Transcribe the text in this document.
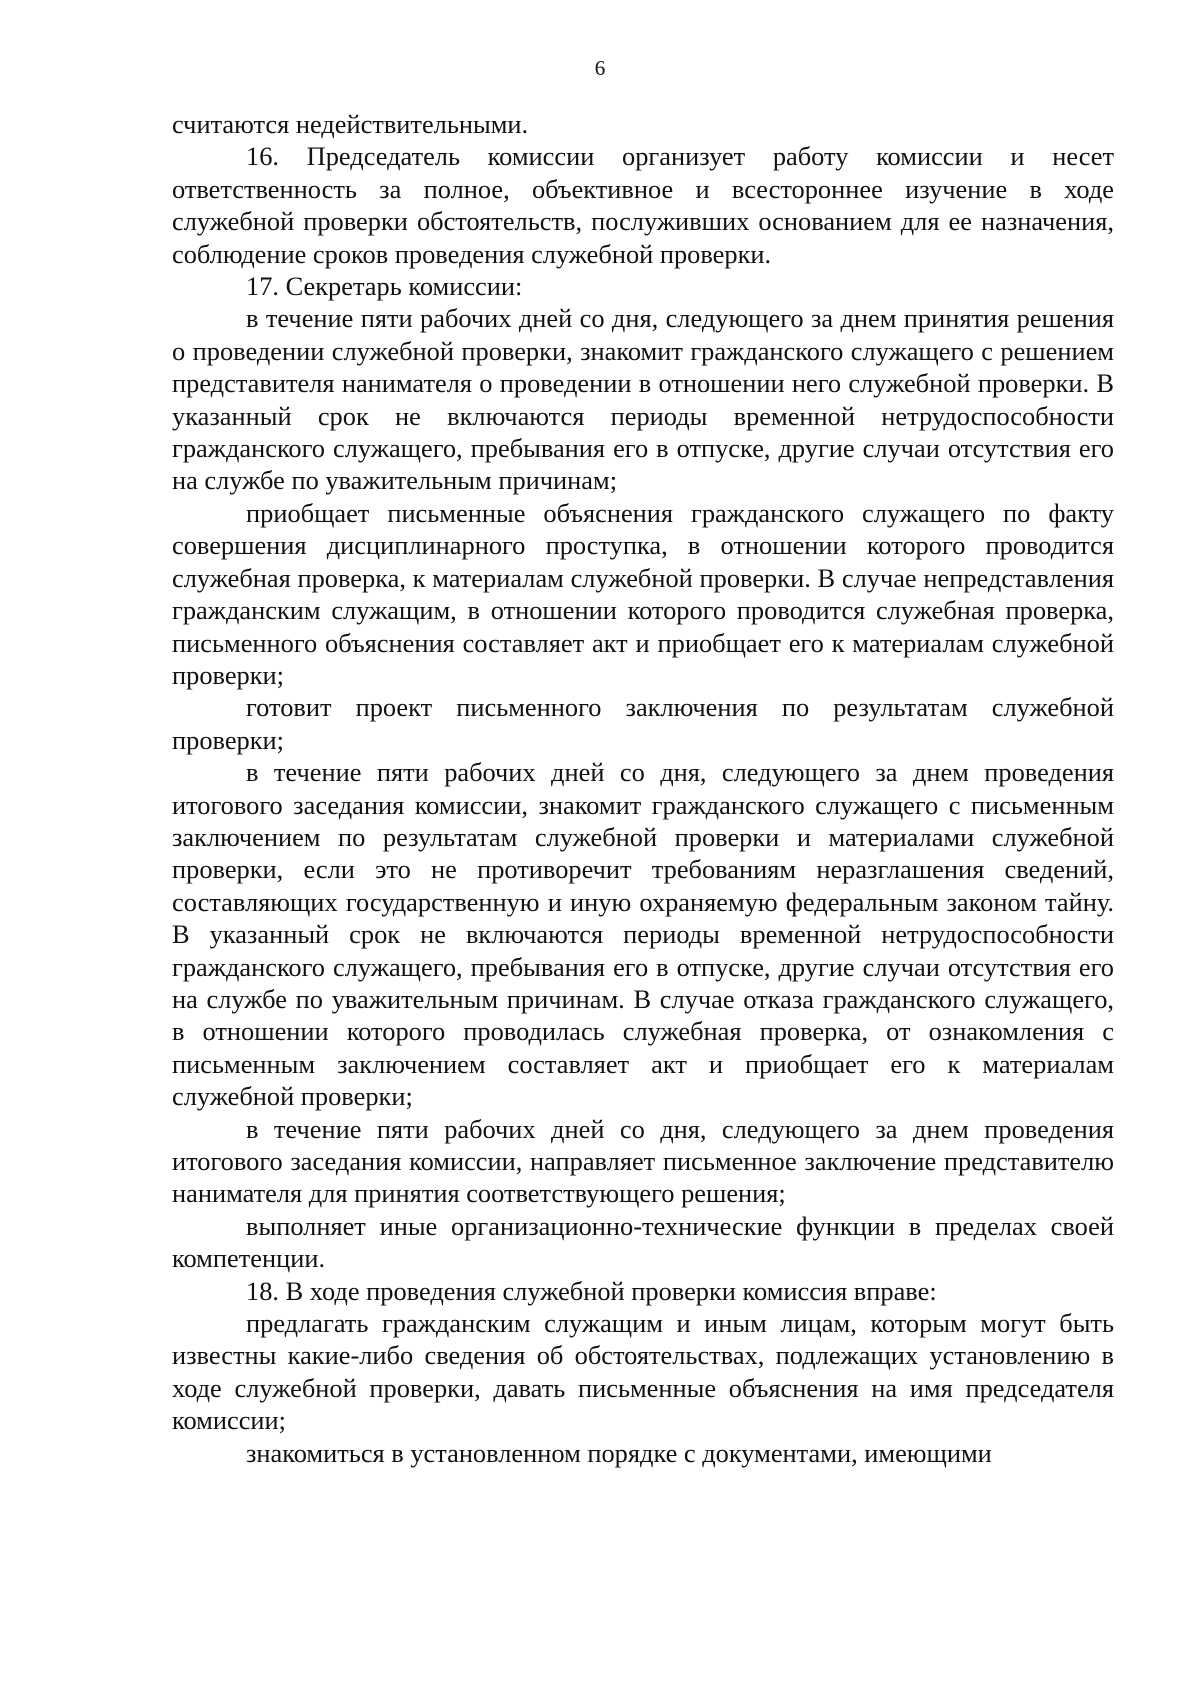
6

считаются недействительными.

16. Председатель комиссии организует работу комиссии и несет ответственность за полное, объективное и всестороннее изучение в ходе служебной проверки обстоятельств, послуживших основанием для ее назначения, соблюдение сроков проведения служебной проверки.

17. Секретарь комиссии:

в течение пяти рабочих дней со дня, следующего за днем принятия решения о проведении служебной проверки, знакомит гражданского служащего с решением представителя нанимателя о проведении в отношении него служебной проверки. В указанный срок не включаются периоды временной нетрудоспособности гражданского служащего, пребывания его в отпуске, другие случаи отсутствия его на службе по уважительным причинам;

приобщает письменные объяснения гражданского служащего по факту совершения дисциплинарного проступка, в отношении которого проводится служебная проверка, к материалам служебной проверки. В случае непредставления гражданским служащим, в отношении которого проводится служебная проверка, письменного объяснения составляет акт и приобщает его к материалам служебной проверки;

готовит проект письменного заключения по результатам служебной проверки;

в течение пяти рабочих дней со дня, следующего за днем проведения итогового заседания комиссии, знакомит гражданского служащего с письменным заключением по результатам служебной проверки и материалами служебной проверки, если это не противоречит требованиям неразглашения сведений, составляющих государственную и иную охраняемую федеральным законом тайну. В указанный срок не включаются периоды временной нетрудоспособности гражданского служащего, пребывания его в отпуске, другие случаи отсутствия его на службе по уважительным причинам. В случае отказа гражданского служащего, в отношении которого проводилась служебная проверка, от ознакомления с письменным заключением составляет акт и приобщает его к материалам служебной проверки;

в течение пяти рабочих дней со дня, следующего за днем проведения итогового заседания комиссии, направляет письменное заключение представителю нанимателя для принятия соответствующего решения;

выполняет иные организационно-технические функции в пределах своей компетенции.

18. В ходе проведения служебной проверки комиссия вправе:

предлагать гражданским служащим и иным лицам, которым могут быть известны какие-либо сведения об обстоятельствах, подлежащих установлению в ходе служебной проверки, давать письменные объяснения на имя председателя комиссии;

знакомиться в установленном порядке с документами, имеющими
